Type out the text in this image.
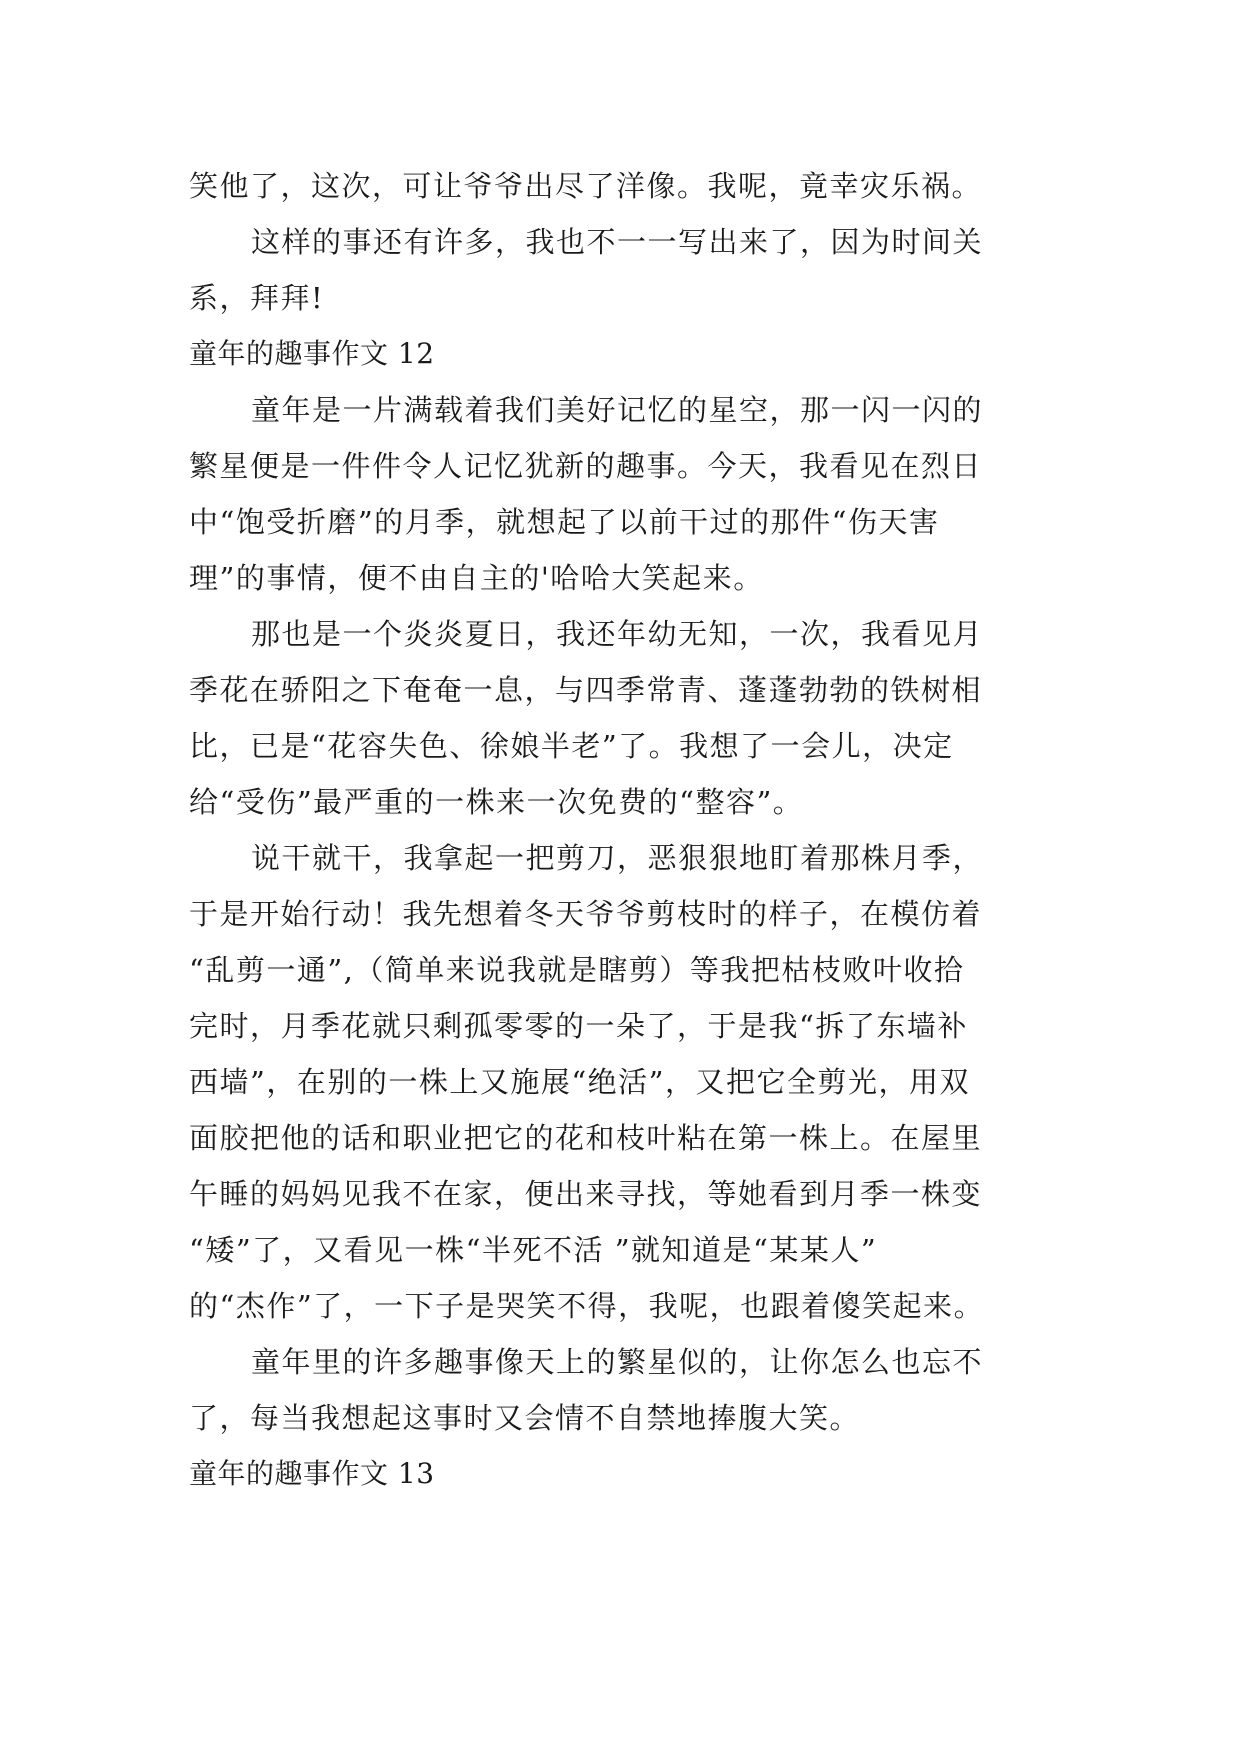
笑他了，这次，可让爷爷出尽了洋像。我呢，竟幸灾乐祸。
这样的事还有许多，我也不一一写出来了，因为时间关
系，拜拜!
童年的趣事作文 12
童年是一片满载着我们美好记忆的星空，那一闪一闪的
繁星便是一件件令人记忆犹新的趣事。今天，我看见在烈日
中“饱受折磨”的月季，就想起了以前干过的那件“伤天害
理”的事情，便不由自主的'哈哈大笑起来。
那也是一个炎炎夏日，我还年幼无知，一次，我看见月
季花在骄阳之下奄奄一息，与四季常青、蓬蓬勃勃的铁树相
比，已是“花容失色、徐娘半老”了。我想了一会儿，决定
给“受伤”最严重的一株来一次免费的“整容”。
说干就干，我拿起一把剪刀，恶狠狠地盯着那株月季，
于是开始行动！我先想着冬天爷爷剪枝时的样子，在模仿着
“乱剪一通”,（简单来说我就是瞎剪）等我把枯枝败叶收拾
完时，月季花就只剩孤零零的一朵了，于是我“拆了东墙补
西墙”，在别的一株上又施展“绝活”，又把它全剪光，用双
面胶把他的话和职业把它的花和枝叶粘在第一株上。在屋里
午睡的妈妈见我不在家，便出来寻找，等她看到月季一株变
“矮”了，又看见一株“半死不活 ”就知道是“某某人”
的“杰作”了，一下子是哭笑不得，我呢，也跟着傻笑起来。
童年里的许多趣事像天上的繁星似的，让你怎么也忘不
了，每当我想起这事时又会情不自禁地捧腹大笑。
童年的趣事作文 13
